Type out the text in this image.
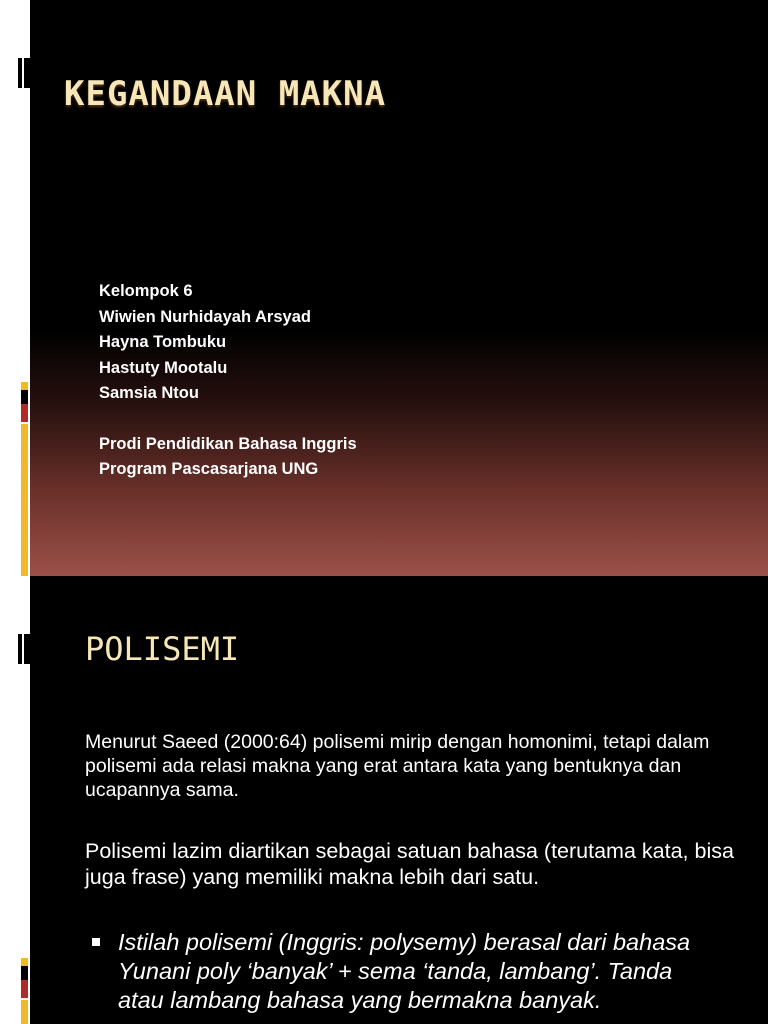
KEGANDAAN MAKNA
Kelompok 6
Wiwien Nurhidayah Arsyad
Hayna Tombuku
Hastuty Mootalu
Samsia Ntou
Prodi Pendidikan Bahasa Inggris
Program Pascasarjana UNG
POLISEMI

Menurut Saeed (2000:64) polisemi mirip dengan homonimi, tetapi dalam polisemi ada relasi makna yang erat antara kata yang bentuknya dan ucapannya sama.

Polisemi lazim diartikan sebagai satuan bahasa (terutama kata, bisa juga frase) yang memiliki makna lebih dari satu.

Istilah polisemi (Inggris: polysemy) berasal dari bahasa Yunani poly ‘banyak’ + sema ‘tanda, lambang’. Tanda atau lambang bahasa yang bermakna banyak.
